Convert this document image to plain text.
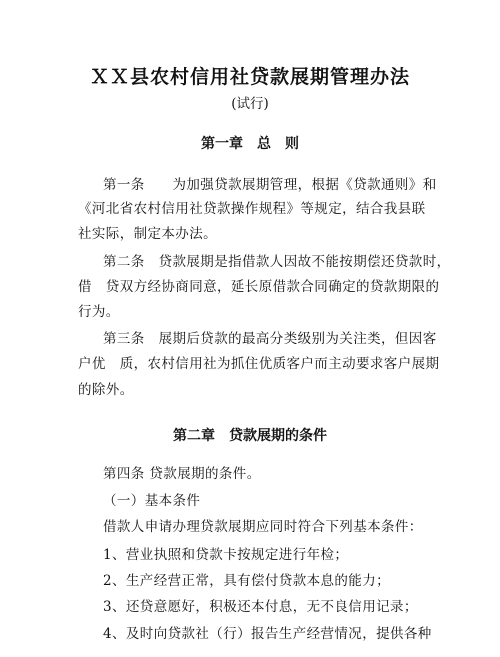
ＸＸ县农村信用社贷款展期管理办法
(试行)
第一章　总　则
第一条　　为加强贷款展期管理，根据《贷款通则》和
《河北省农村信用社贷款操作规程》等规定，结合我县联
社实际，制定本办法。
第二条　贷款展期是指借款人因故不能按期偿还贷款时，
借　贷双方经协商同意，延长原借款合同确定的贷款期限的
行为。
第三条　展期后贷款的最高分类级别为关注类，但因客
户优　质，农村信用社为抓住优质客户而主动要求客户展期
的除外。
第二章　贷款展期的条件
第四条 贷款展期的条件。
（一）基本条件
借款人申请办理贷款展期应同时符合下列基本条件：
1、营业执照和贷款卡按规定进行年检；
2、生产经营正常，具有偿付贷款本息的能力；
3、还贷意愿好，积极还本付息，无不良信用记录；
4、及时向贷款社（行）报告生产经营情况，提供各种
